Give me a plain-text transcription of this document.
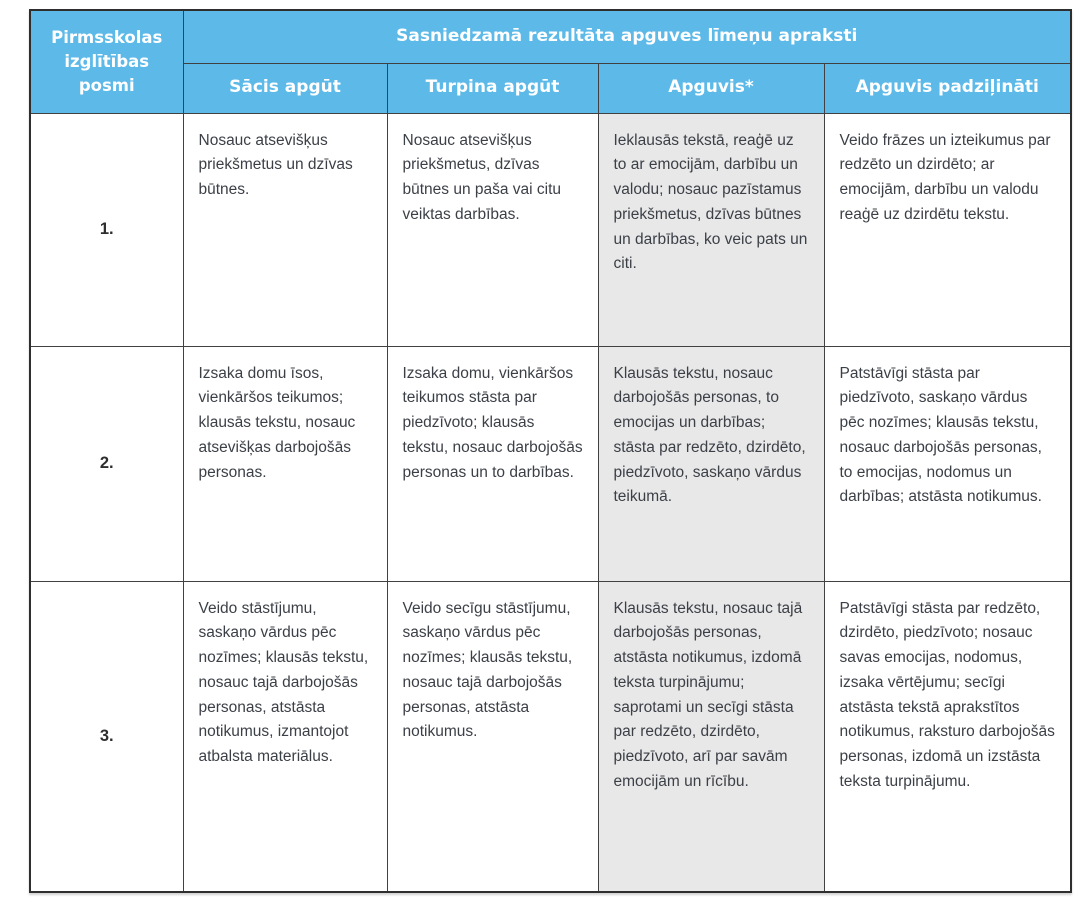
Pirmsskolas izglītības posmi	Sasniedzamā rezultāta apguves līmeņu apraksti			
	Sācis apgūt	Turpina apgūt	Apguvis*	Apguvis padziļināti
1.	Nosauc atsevišķus priekšmetus un dzīvas būtnes.	Nosauc atsevišķus priekšmetus, dzīvas būtnes un paša vai citu veiktas darbības.	Ieklausās tekstā, reaģē uz to ar emocijām, darbību un valodu; nosauc pazīstamus priekšmetus, dzīvas būtnes un darbības, ko veic pats un citi.	Veido frāzes un izteikumus par redzēto un dzirdēto; ar emocijām, darbību un valodu reaģē uz dzirdētu tekstu.
2.	Izsaka domu īsos, vienkāršos teikumos; klausās tekstu, nosauc atsevišķas darbojošās personas.	Izsaka domu, vienkāršos teikumos stāsta par piedzīvoto; klausās tekstu, nosauc darbojošās personas un to darbības.	Klausās tekstu, nosauc darbojošās personas, to emocijas un darbības; stāsta par redzēto, dzirdēto, piedzīvoto, saskaņo vārdus teikumā.	Patstāvīgi stāsta par piedzīvoto, saskaņo vārdus pēc nozīmes; klausās tekstu, nosauc darbojošās personas, to emocijas, nodomus un darbības; atstāsta notikumus.
3.	Veido stāstījumu, saskaņo vārdus pēc nozīmes; klausās tekstu, nosauc tajā darbojošās personas, atstāsta notikumus, izmantojot atbalsta materiālus.	Veido secīgu stāstījumu, saskaņo vārdus pēc nozīmes; klausās tekstu, nosauc tajā darbojošās personas, atstāsta notikumus.	Klausās tekstu, nosauc tajā darbojošās personas, atstāsta notikumus, izdomā teksta turpinājumu; saprotami un secīgi stāsta par redzēto, dzirdēto, piedzīvoto, arī par savām emocijām un rīcību.	Patstāvīgi stāsta par redzēto, dzirdēto, piedzīvoto; nosauc savas emocijas, nodomus, izsaka vērtējumu; secīgi atstāsta tekstā aprakstītos notikumus, raksturo darbojošās personas, izdomā un izstāsta teksta turpinājumu.
